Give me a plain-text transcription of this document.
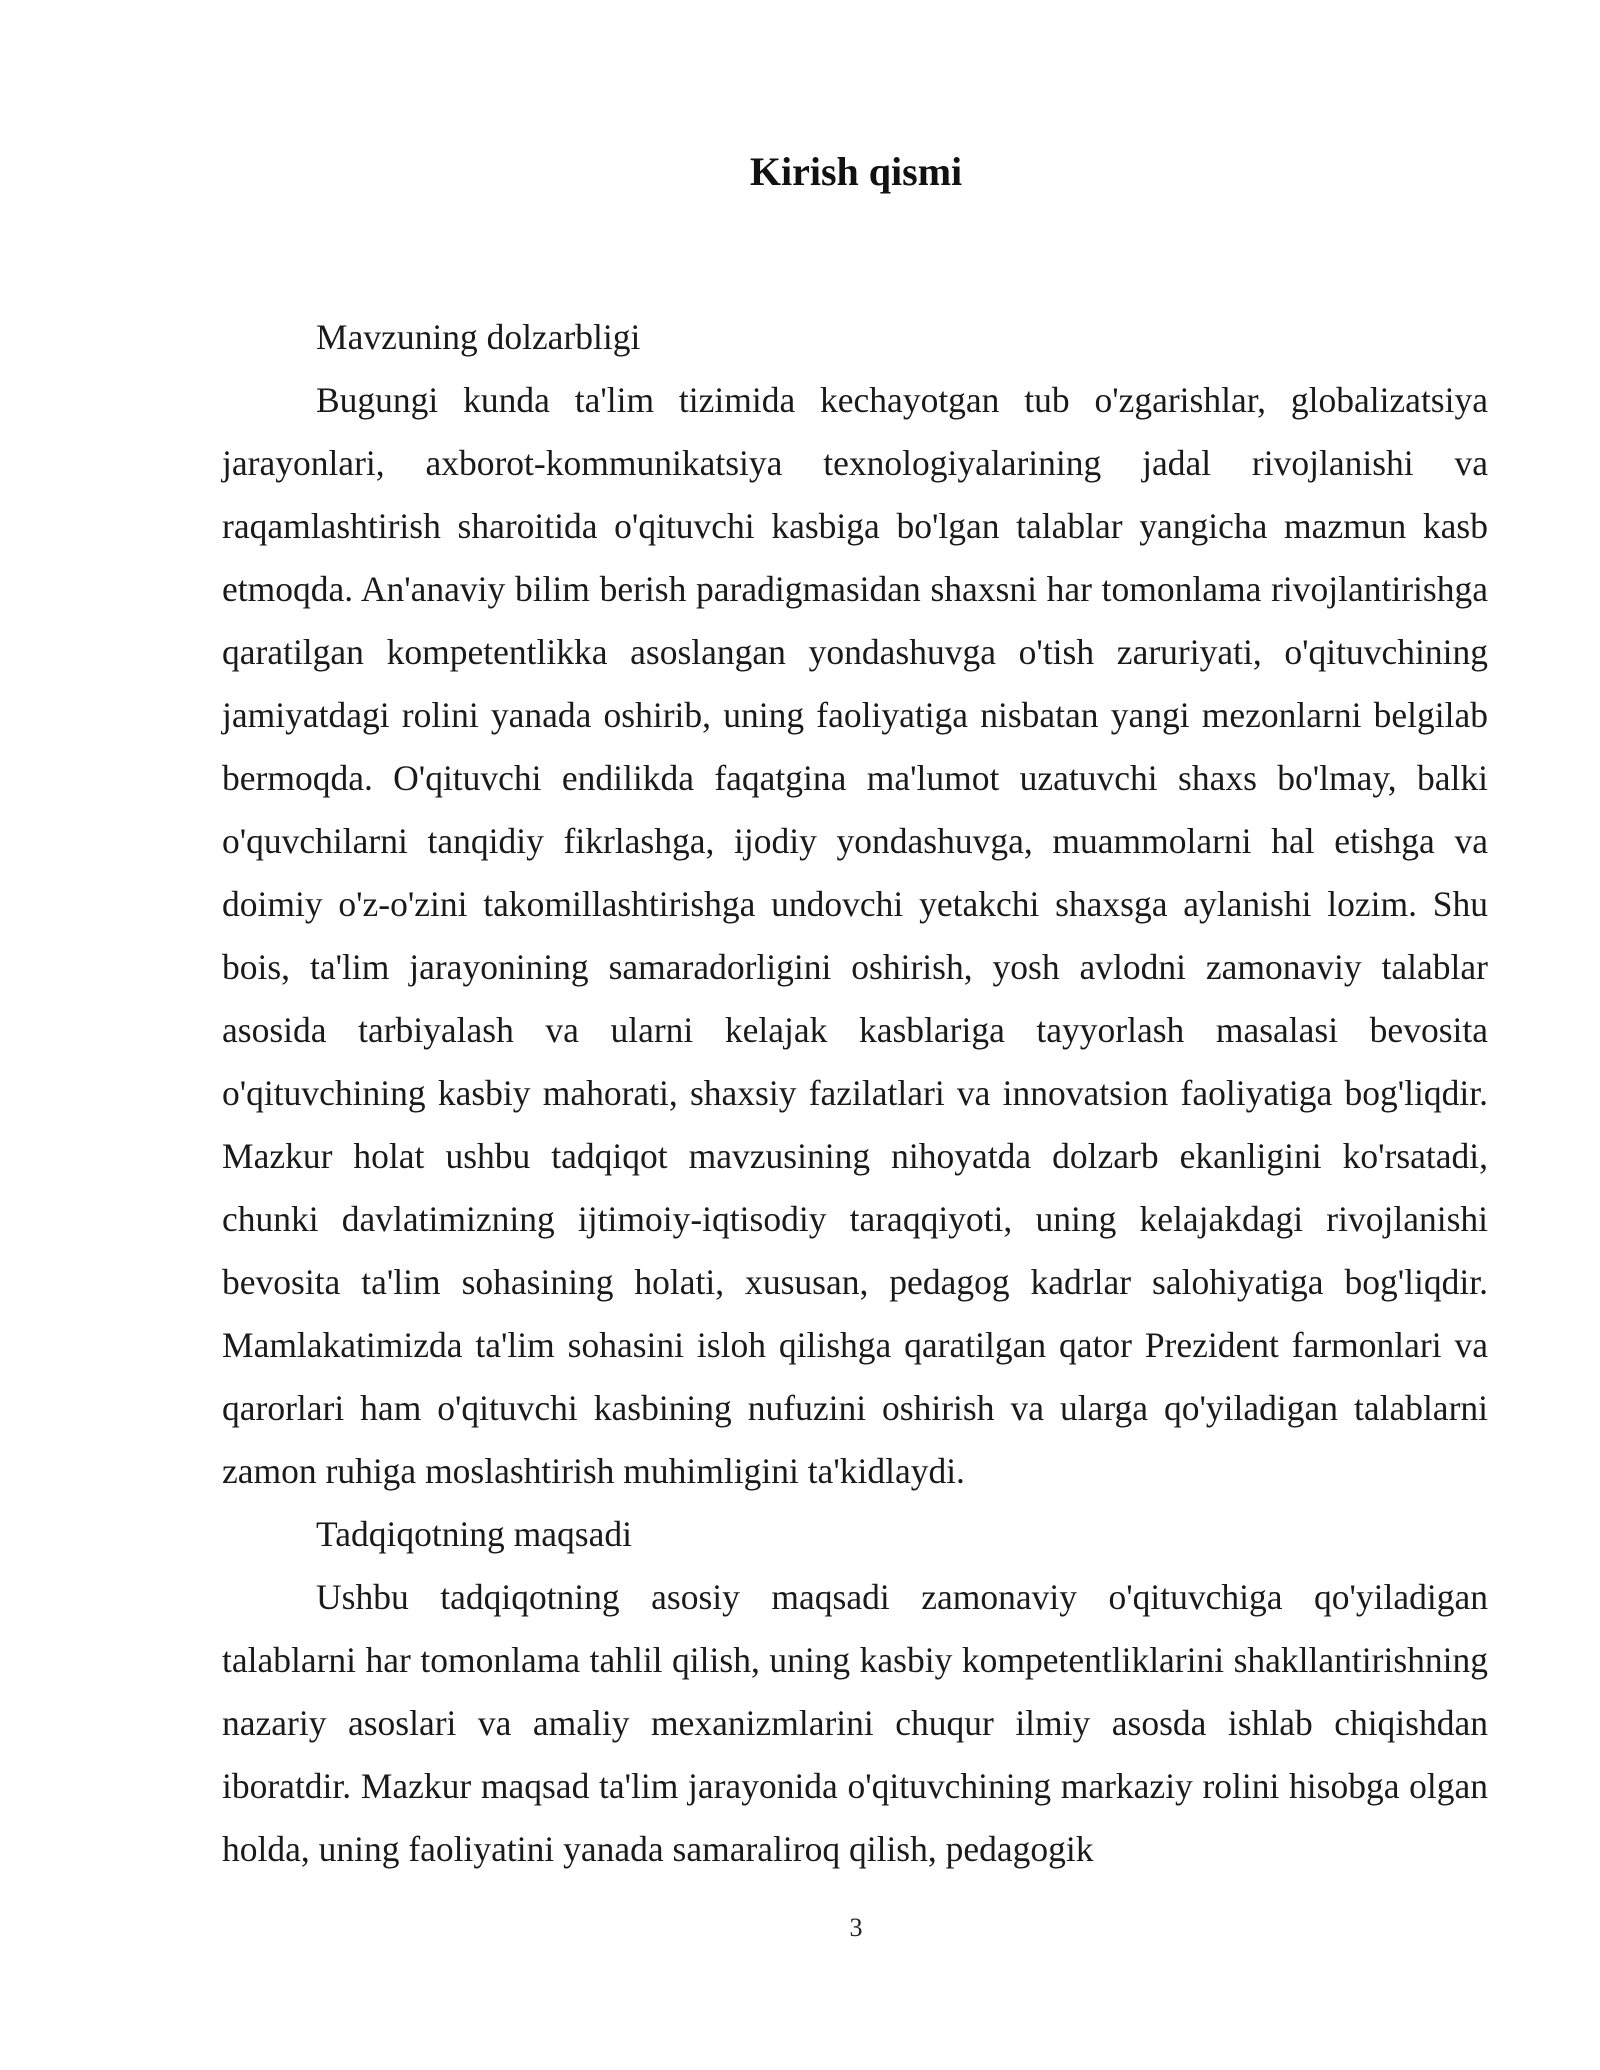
Kirish qismi
Mavzuning dolzarbligi

Bugungi kunda ta'lim tizimida kechayotgan tub o'zgarishlar, globalizatsiya jarayonlari, axborot-kommunikatsiya texnologiyalarining jadal rivojlanishi va raqamlashtirish sharoitida o'qituvchi kasbiga bo'lgan talablar yangicha mazmun kasb etmoqda. An'anaviy bilim berish paradigmasidan shaxsni har tomonlama rivojlantirishga qaratilgan kompetentlikka asoslangan yondashuvga o'tish zaruriyati, o'qituvchining jamiyatdagi rolini yanada oshirib, uning faoliyatiga nisbatan yangi mezonlarni belgilab bermoqda. O'qituvchi endilikda faqatgina ma'lumot uzatuvchi shaxs bo'lmay, balki o'quvchilarni tanqidiy fikrlashga, ijodiy yondashuvga, muammolarni hal etishga va doimiy o'z-o'zini takomillashtirishga undovchi yetakchi shaxsga aylanishi lozim. Shu bois, ta'lim jarayonining samaradorligini oshirish, yosh avlodni zamonaviy talablar asosida tarbiyalash va ularni kelajak kasblariga tayyorlash masalasi bevosita o'qituvchining kasbiy mahorati, shaxsiy fazilatlari va innovatsion faoliyatiga bog'liqdir. Mazkur holat ushbu tadqiqot mavzusining nihoyatda dolzarb ekanligini ko'rsatadi, chunki davlatimizning ijtimoiy-iqtisodiy taraqqiyoti, uning kelajakdagi rivojlanishi bevosita ta'lim sohasining holati, xususan, pedagog kadrlar salohiyatiga bog'liqdir. Mamlakatimizda ta'lim sohasini isloh qilishga qaratilgan qator Prezident farmonlari va qarorlari ham o'qituvchi kasbining nufuzini oshirish va ularga qo'yiladigan talablarni zamon ruhiga moslashtirish muhimligini ta'kidlaydi.

Tadqiqotning maqsadi

Ushbu tadqiqotning asosiy maqsadi zamonaviy o'qituvchiga qo'yiladigan talablarni har tomonlama tahlil qilish, uning kasbiy kompetentliklarini shakllantirishning nazariy asoslari va amaliy mexanizmlarini chuqur ilmiy asosda ishlab chiqishdan iboratdir. Mazkur maqsad ta'lim jarayonida o'qituvchining markaziy rolini hisobga olgan holda, uning faoliyatini yanada samaraliroq qilish, pedagogik

3
